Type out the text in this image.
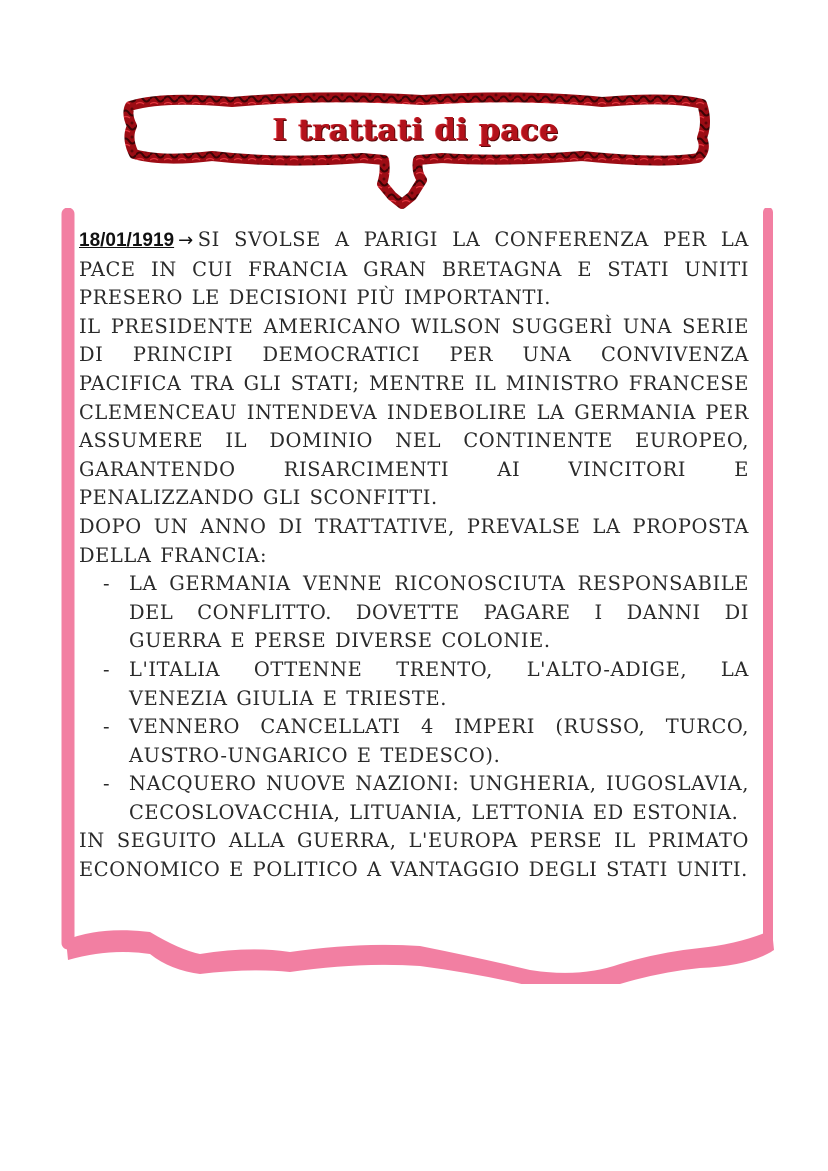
I trattati di pace

18/01/1919 → SI SVOLSE A PARIGI LA CONFERENZA PER LA PACE IN CUI FRANCIA GRAN BRETAGNA E STATI UNITI PRESERO LE DECISIONI PIÙ IMPORTANTI.

IL PRESIDENTE AMERICANO WILSON SUGGERÌ UNA SERIE DI PRINCIPI DEMOCRATICI PER UNA CONVIVENZA PACIFICA TRA GLI STATI; MENTRE IL MINISTRO FRANCESE CLEMENCEAU INTENDEVA INDEBOLIRE LA GERMANIA PER ASSUMERE IL DOMINIO NEL CONTINENTE EUROPEO, GARANTENDO RISARCIMENTI AI VINCITORI E PENALIZZANDO GLI SCONFITTI.

DOPO UN ANNO DI TRATTATIVE, PREVALSE LA PROPOSTA DELLA FRANCIA:

- LA GERMANIA VENNE RICONOSCIUTA RESPONSABILE DEL CONFLITTO. DOVETTE PAGARE I DANNI DI GUERRA E PERSE DIVERSE COLONIE.
- L'ITALIA OTTENNE TRENTO, L'ALTO-ADIGE, LA VENEZIA GIULIA E TRIESTE.
- VENNERO CANCELLATI 4 IMPERI (RUSSO, TURCO, AUSTRO-UNGARICO E TEDESCO).
- NACQUERO NUOVE NAZIONI: UNGHERIA, IUGOSLAVIA, CECOSLOVACCHIA, LITUANIA, LETTONIA ED ESTONIA.

IN SEGUITO ALLA GUERRA, L'EUROPA PERSE IL PRIMATO ECONOMICO E POLITICO A VANTAGGIO DEGLI STATI UNITI.
